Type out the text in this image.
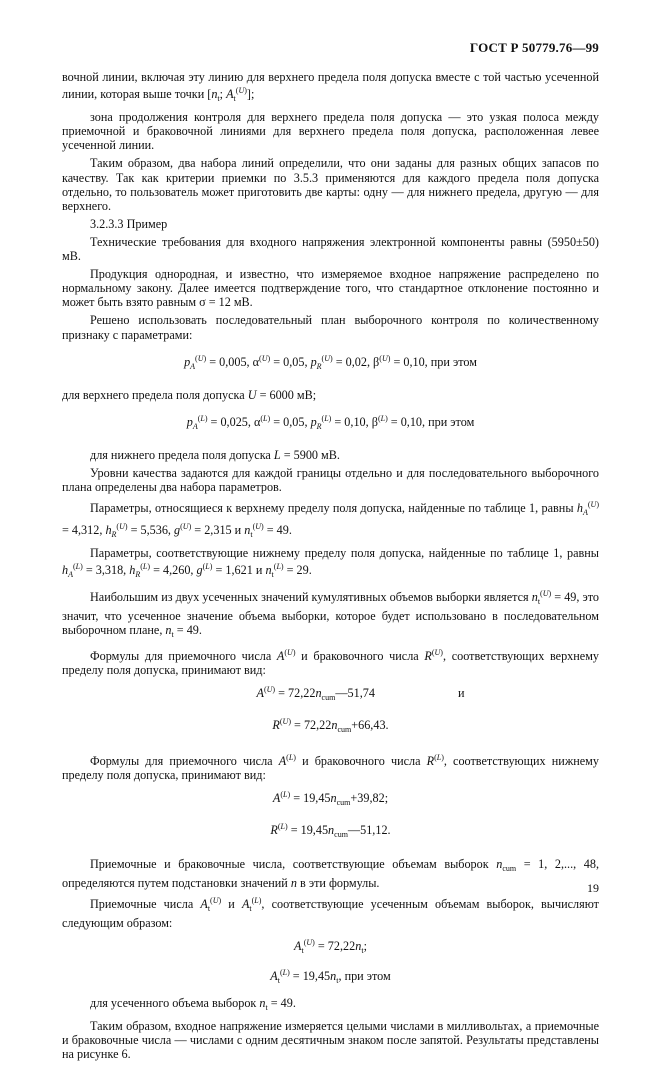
ГОСТ Р 50779.76—99

вочной линии, включая эту линию для верхнего предела поля допуска вместе с той частью усеченной линии, которая выше точки [$n_t$; $A_t^{(U)}$];

зона продолжения контроля для верхнего предела поля допуска — это узкая полоса между приемочной и браковочной линиями для верхнего предела поля допуска, расположенная левее усеченной линии.

Таким образом, два набора линий определили, что они заданы для разных общих запасов по качеству. Так как критерии приемки по 3.5.3 применяются для каждого предела поля допуска отдельно, то пользователь может приготовить две карты: одну — для нижнего предела, другую — для верхнего.

3.2.3.3 Пример

Технические требования для входного напряжения электронной компоненты равны (5950±50) мВ.

Продукция однородная, и известно, что измеряемое входное напряжение распределено по нормальному закону. Далее имеется подтверждение того, что стандартное отклонение постоянно и может быть взято равным σ = 12 мВ.

Решено использовать последовательный план выборочного контроля по количественному признаку с параметрами:

$p_A^{(U)} = 0,005$, $\alpha^{(U)} = 0,05$, $p_R^{(U)} = 0,02$, $\beta^{(U)} = 0,10$, при этом

для верхнего предела поля допуска U = 6000 мВ;

$p_A^{(L)} = 0,025$, $\alpha^{(L)} = 0,05$, $p_R^{(L)} = 0,10$, $\beta^{(L)} = 0,10$, при этом

для нижнего предела поля допуска L = 5900 мВ.

Уровни качества задаются для каждой границы отдельно и для последовательного выборочного плана определены два набора параметров.

Параметры, относящиеся к верхнему пределу поля допуска, найденные по таблице 1, равны $h_A^{(U)} = 4,312$, $h_R^{(U)} = 5,536$, $g^{(U)} = 2,315$ и $n_t^{(U)} = 49$.

Параметры, соответствующие нижнему пределу поля допуска, найденные по таблице 1, равны $h_A^{(L)} = 3,318$, $h_R^{(L)} = 4,260$, $g^{(L)} = 1,621$ и $n_t^{(L)} = 29$.

Наибольшим из двух усеченных значений кумулятивных объемов выборки является $n_t^{(U)} = 49$, это значит, что усеченное значение объема выборки, которое будет использовано в последовательном выборочном плане, $n_t = 49$.

Формулы для приемочного числа $A^{(U)}$ и браковочного числа $R^{(U)}$, соответствующих верхнему пределу поля допуска, принимают вид:

$A^{(U)}$ = $72,22n_{cum}—51,74$	и
$R^{(U)} = 72,22n_{cum}+66,43$.

Формулы для приемочного числа $A^{(L)}$ и браковочного числа $R^{(L)}$, соответствующих нижнему пределу поля допуска, принимают вид:

$A^{(L)} = 19,45n_{cum}+39,82$;
$R^{(L)}$ = $19,45n_{cum}—51,12$.

Приемочные и браковочные числа, соответствующие объемам выборок $n_{cum} = 1$, 2,..., 48, определяются путем подстановки значений n в эти формулы.

Приемочные числа $A_t^{(U)}$ и $A_t^{(L)}$, соответствующие усеченным объемам выборок, вычисляют следующим образом:

$A_t^{(U)} = 72,22n_t$;
$A_t^{(L)} = 19,45n_t$, при этом

для усеченного объема выборок $n_t = 49$.

Таким образом, входное напряжение измеряется целыми числами в милливольтах, а приемочные и браковочные числа — числами с одним десятичным знаком после запятой. Результаты представлены на рисунке 6.

19
